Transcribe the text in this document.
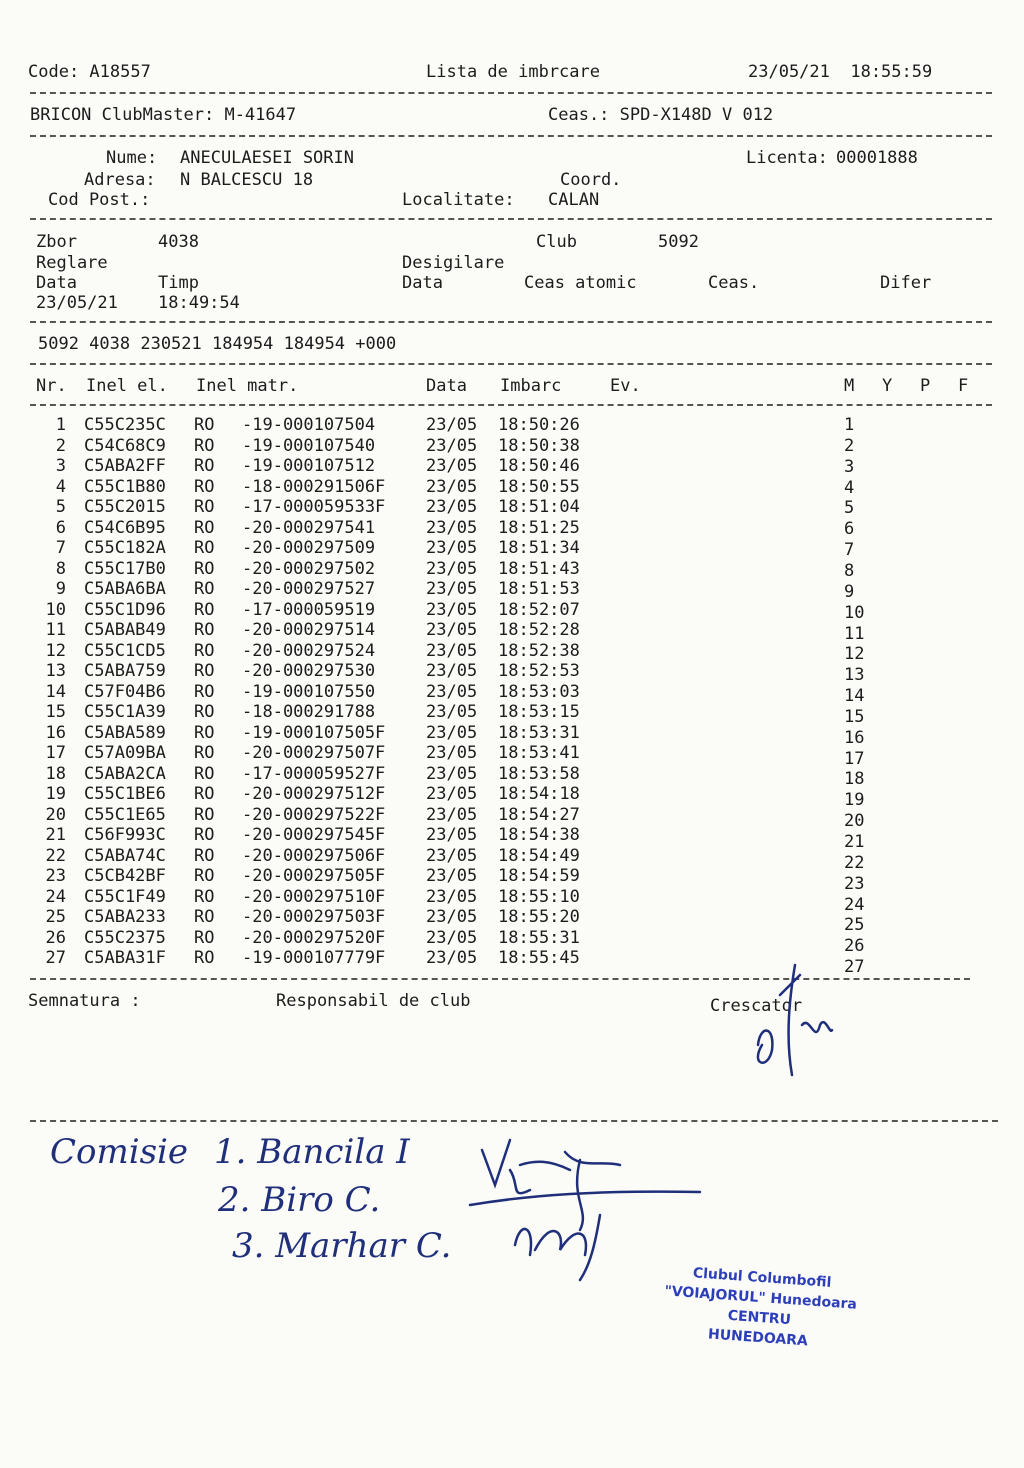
Code: A18557	Lista de imbrcare	23/05/21  18:55:59
BRICON ClubMaster: M-41647	Ceas.: SPD-X148D V 012
Nume: ANECULAESEI SORIN	Licenta: 00001888
Adresa: N BALCESCU 18	Coord.
Cod Post.:	Localitate: CALAN
Zbor	4038	Club	5092
Reglare	Desigilare
Data	Timp	Data	Ceas atomic	Ceas.	Difer
23/05/21 18:49:54
5092 4038 230521 184954 184954 +000
Nr. Inel el. Inel matr.	Data Imbarc	Ev.	M Y P F
1 C55C235C RO -19-000107504	23/05 18:50:26	1
2 C54C68C9 RO -19-000107540	23/05 18:50:38	2
3 C5ABA2FF RO -19-000107512	23/05 18:50:46	3
4 C55C1B80 RO -18-000291506F 23/05 18:50:55	4
5 C55C2015 RO -17-000059533F 23/05 18:51:04	5
6 C54C6B95 RO -20-000297541	23/05 18:51:25	6
7 C55C182A RO -20-000297509	23/05 18:51:34	7
8 C55C17B0 RO -20-000297502	23/05 18:51:43	8
9 C5ABA6BA RO -20-000297527	23/05 18:51:53	9
10 C55C1D96 RO -17-000059519	23/05 18:52:07	10
11 C5ABAB49 RO -20-000297514	23/05 18:52:28	11
12 C55C1CD5 RO -20-000297524	23/05 18:52:38	12
13 C5ABA759 RO -20-000297530	23/05 18:52:53	13
14 C57F04B6 RO -19-000107550	23/05 18:53:03	14
15 C55C1A39 RO -18-000291788	23/05 18:53:15	15
16 C5ABA589 RO -19-000107505F 23/05 18:53:31	16
17 C57A09BA RO -20-000297507F 23/05 18:53:41	17
18 C5ABA2CA RO -17-000059527F 23/05 18:53:58	18
19 C55C1BE6 RO -20-000297512F 23/05 18:54:18	19
20 C55C1E65 RO -20-000297522F 23/05 18:54:27	20
21 C56F993C RO -20-000297545F 23/05 18:54:38	21
22 C5ABA74C RO -20-000297506F 23/05 18:54:49	22
23 C5CB42BF RO -20-000297505F 23/05 18:54:59	23
24 C55C1F49 RO -20-000297510F 23/05 18:55:10	24
25 C5ABA233 RO -20-000297503F 23/05 18:55:20	25
26 C55C2375 RO -20-000297520F 23/05 18:55:31	26
27 C5ABA31F RO -19-000107779F 23/05 18:55:45	27
Semnatura :	Responsabil de club	Crescator
Comisie 1. Bancila I
2. Biro C.
3. Marhar C.
Clubul Columbofil
"VOIAJORUL" Hunedoara
CENTRU
HUNEDOARA
